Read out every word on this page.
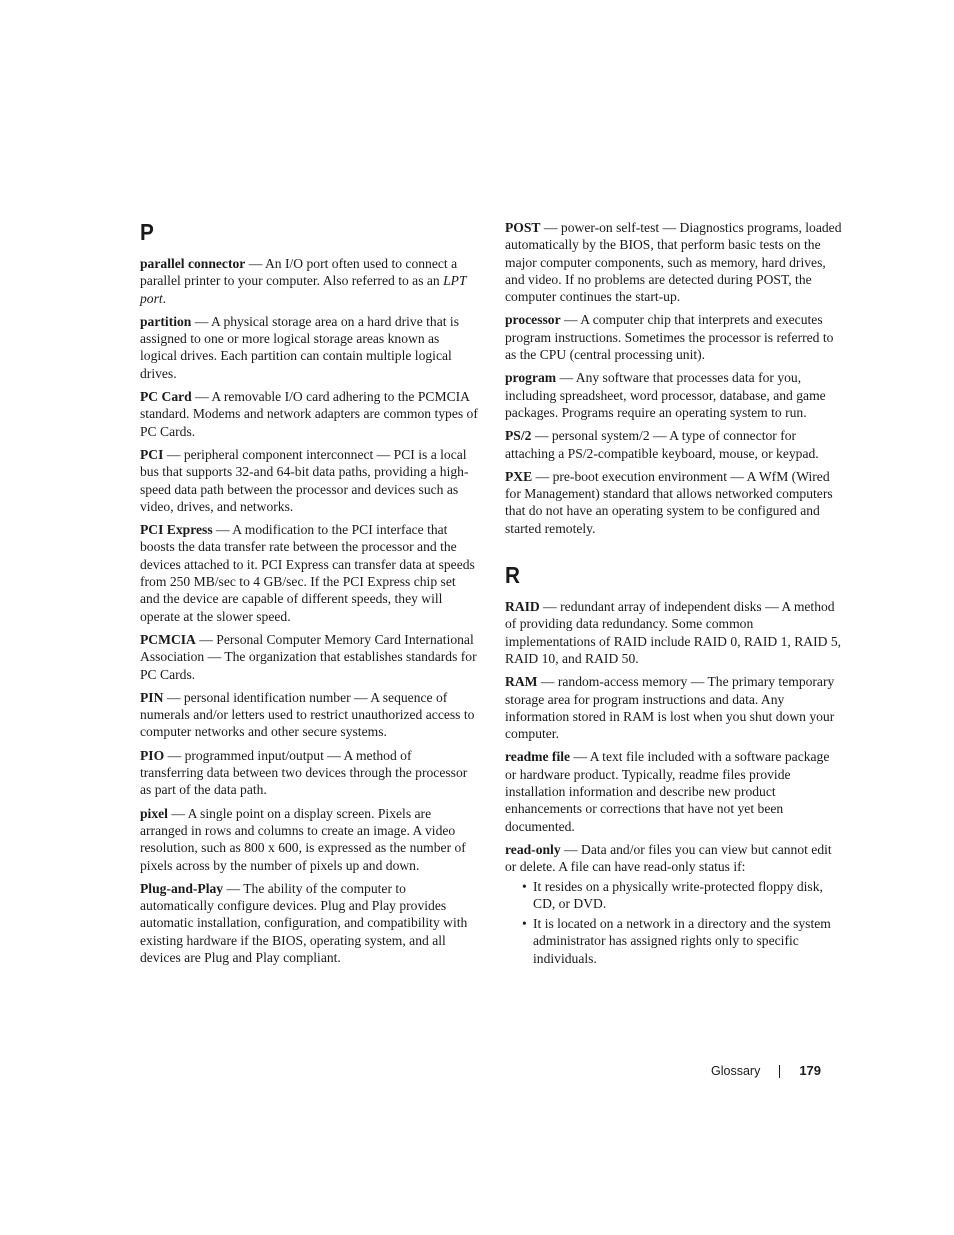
P

parallel connector — An I/O port often used to connect a parallel printer to your computer. Also referred to as an LPT port.

partition — A physical storage area on a hard drive that is assigned to one or more logical storage areas known as logical drives. Each partition can contain multiple logical drives.

PC Card — A removable I/O card adhering to the PCMCIA standard. Modems and network adapters are common types of PC Cards.

PCI — peripheral component interconnect — PCI is a local bus that supports 32-and 64-bit data paths, providing a high-speed data path between the processor and devices such as video, drives, and networks.

PCI Express — A modification to the PCI interface that boosts the data transfer rate between the processor and the devices attached to it. PCI Express can transfer data at speeds from 250 MB/sec to 4 GB/sec. If the PCI Express chip set and the device are capable of different speeds, they will operate at the slower speed.

PCMCIA — Personal Computer Memory Card International Association — The organization that establishes standards for PC Cards.

PIN — personal identification number — A sequence of numerals and/or letters used to restrict unauthorized access to computer networks and other secure systems.

PIO — programmed input/output — A method of transferring data between two devices through the processor as part of the data path.

pixel — A single point on a display screen. Pixels are arranged in rows and columns to create an image. A video resolution, such as 800 x 600, is expressed as the number of pixels across by the number of pixels up and down.

Plug-and-Play — The ability of the computer to automatically configure devices. Plug and Play provides automatic installation, configuration, and compatibility with existing hardware if the BIOS, operating system, and all devices are Plug and Play compliant.

POST — power-on self-test — Diagnostics programs, loaded automatically by the BIOS, that perform basic tests on the major computer components, such as memory, hard drives, and video. If no problems are detected during POST, the computer continues the start-up.

processor — A computer chip that interprets and executes program instructions. Sometimes the processor is referred to as the CPU (central processing unit).

program — Any software that processes data for you, including spreadsheet, word processor, database, and game packages. Programs require an operating system to run.

PS/2 — personal system/2 — A type of connector for attaching a PS/2-compatible keyboard, mouse, or keypad.

PXE — pre-boot execution environment — A WfM (Wired for Management) standard that allows networked computers that do not have an operating system to be configured and started remotely.

R

RAID — redundant array of independent disks — A method of providing data redundancy. Some common implementations of RAID include RAID 0, RAID 1, RAID 5, RAID 10, and RAID 50.

RAM — random-access memory — The primary temporary storage area for program instructions and data. Any information stored in RAM is lost when you shut down your computer.

readme file — A text file included with a software package or hardware product. Typically, readme files provide installation information and describe new product enhancements or corrections that have not yet been documented.

read-only — Data and/or files you can view but cannot edit or delete. A file can have read-only status if:

• It resides on a physically write-protected floppy disk, CD, or DVD.
• It is located on a network in a directory and the system administrator has assigned rights only to specific individuals.
Glossary	179
